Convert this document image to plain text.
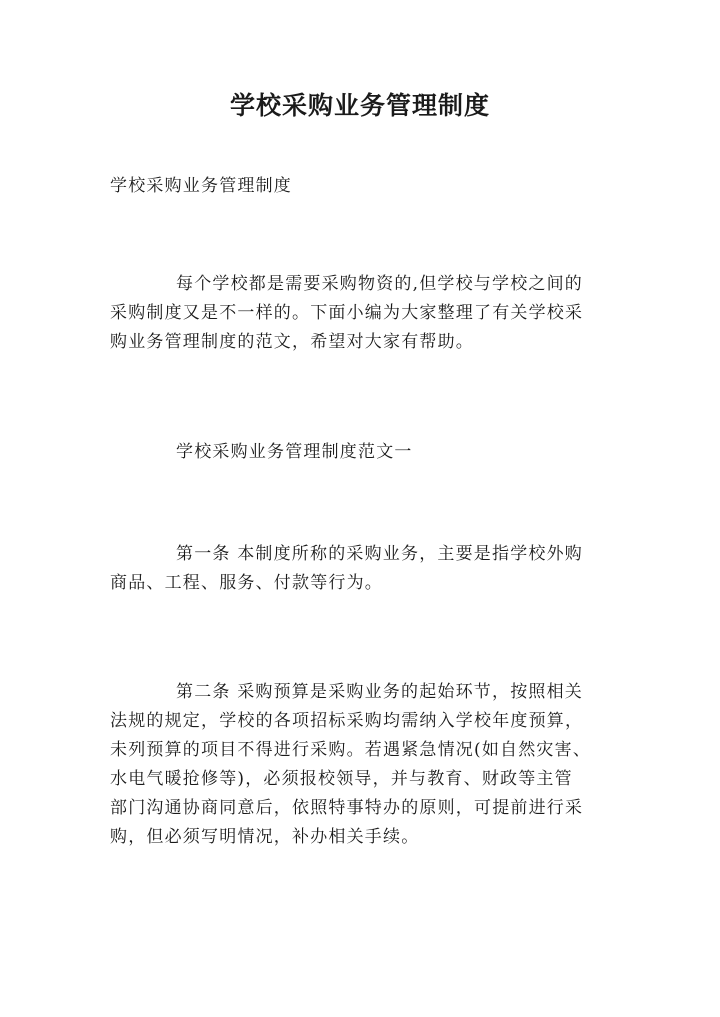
学校采购业务管理制度

学校采购业务管理制度

每个学校都是需要采购物资的,但学校与学校之间的
采购制度又是不一样的。下面小编为大家整理了有关学校采
购业务管理制度的范文，希望对大家有帮助。

学校采购业务管理制度范文一

第一条 本制度所称的采购业务，主要是指学校外购
商品、工程、服务、付款等行为。

第二条 采购预算是采购业务的起始环节，按照相关
法规的规定，学校的各项招标采购均需纳入学校年度预算，
未列预算的项目不得进行采购。若遇紧急情况(如自然灾害、
水电气暖抢修等)，必须报校领导，并与教育、财政等主管
部门沟通协商同意后，依照特事特办的原则，可提前进行采
购，但必须写明情况，补办相关手续。
